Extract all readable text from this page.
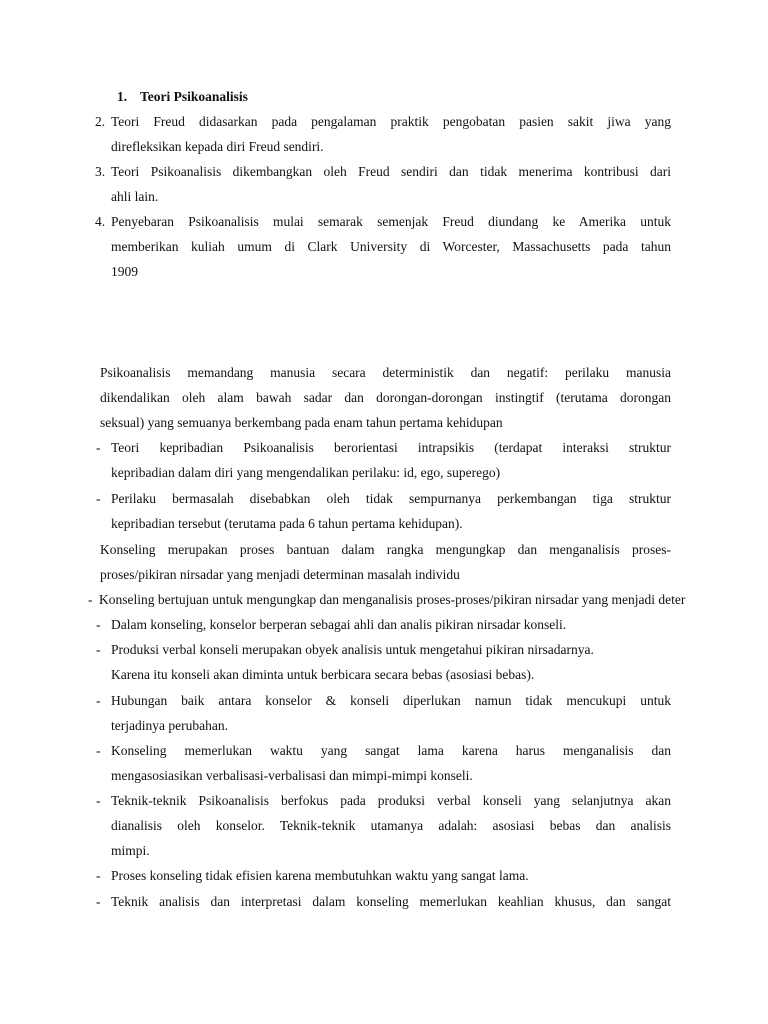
1. Teori Psikoanalisis
2. Teori Freud didasarkan pada pengalaman praktik pengobatan pasien sakit jiwa yang
direfleksikan kepada diri Freud sendiri.
3. Teori Psikoanalisis dikembangkan oleh Freud sendiri dan tidak menerima kontribusi dari
ahli lain.
4. Penyebaran Psikoanalisis mulai semarak semenjak Freud diundang ke Amerika untuk
memberikan kuliah umum di Clark University di Worcester, Massachusetts pada tahun
1909
Psikoanalisis memandang manusia secara deterministik dan negatif: perilaku manusia
dikendalikan oleh alam bawah sadar dan dorongan-dorongan instingtif (terutama dorongan
seksual) yang semuanya berkembang pada enam tahun pertama kehidupan
- Teori kepribadian Psikoanalisis berorientasi intrapsikis (terdapat interaksi struktur
kepribadian dalam diri yang mengendalikan perilaku: id, ego, superego)
- Perilaku bermasalah disebabkan oleh tidak sempurnanya perkembangan tiga struktur
kepribadian tersebut (terutama pada 6 tahun pertama kehidupan).
Konseling merupakan proses bantuan dalam rangka mengungkap dan menganalisis proses-
proses/pikiran nirsadar yang menjadi determinan masalah individu
- Konseling bertujuan untuk mengungkap dan menganalisis proses-proses/pikiran nirsadar yang menjadi deter
- Dalam konseling, konselor berperan sebagai ahli dan analis pikiran nirsadar konseli.
- Produksi verbal konseli merupakan obyek analisis untuk mengetahui pikiran nirsadarnya.
Karena itu konseli akan diminta untuk berbicara secara bebas (asosiasi bebas).
- Hubungan baik antara konselor & konseli diperlukan namun tidak mencukupi untuk
terjadinya perubahan.
- Konseling memerlukan waktu yang sangat lama karena harus menganalisis dan
mengasosiasikan verbalisasi-verbalisasi dan mimpi-mimpi konseli.
- Teknik-teknik Psikoanalisis berfokus pada produksi verbal konseli yang selanjutnya akan
dianalisis oleh konselor. Teknik-teknik utamanya adalah: asosiasi bebas dan analisis
mimpi.
- Proses konseling tidak efisien karena membutuhkan waktu yang sangat lama.
- Teknik analisis dan interpretasi dalam konseling memerlukan keahlian khusus, dan sangat
